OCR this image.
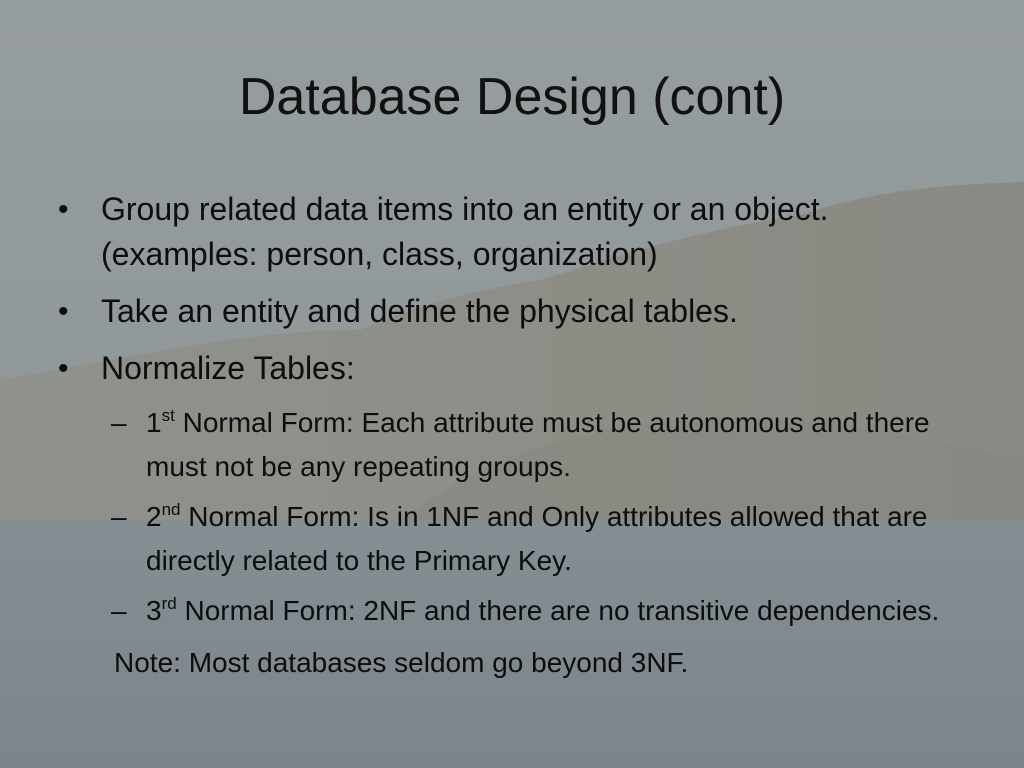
Database Design (cont)
• Group related data items into an entity or an object. (examples: person, class, organization)
• Take an entity and define the physical tables.
• Normalize Tables:
– 1st Normal Form: Each attribute must be autonomous and there must not be any repeating groups.
– 2nd Normal Form: Is in 1NF and Only attributes allowed that are directly related to the Primary Key.
– 3rd Normal Form: 2NF and there are no transitive dependencies.
Note: Most databases seldom go beyond 3NF.
